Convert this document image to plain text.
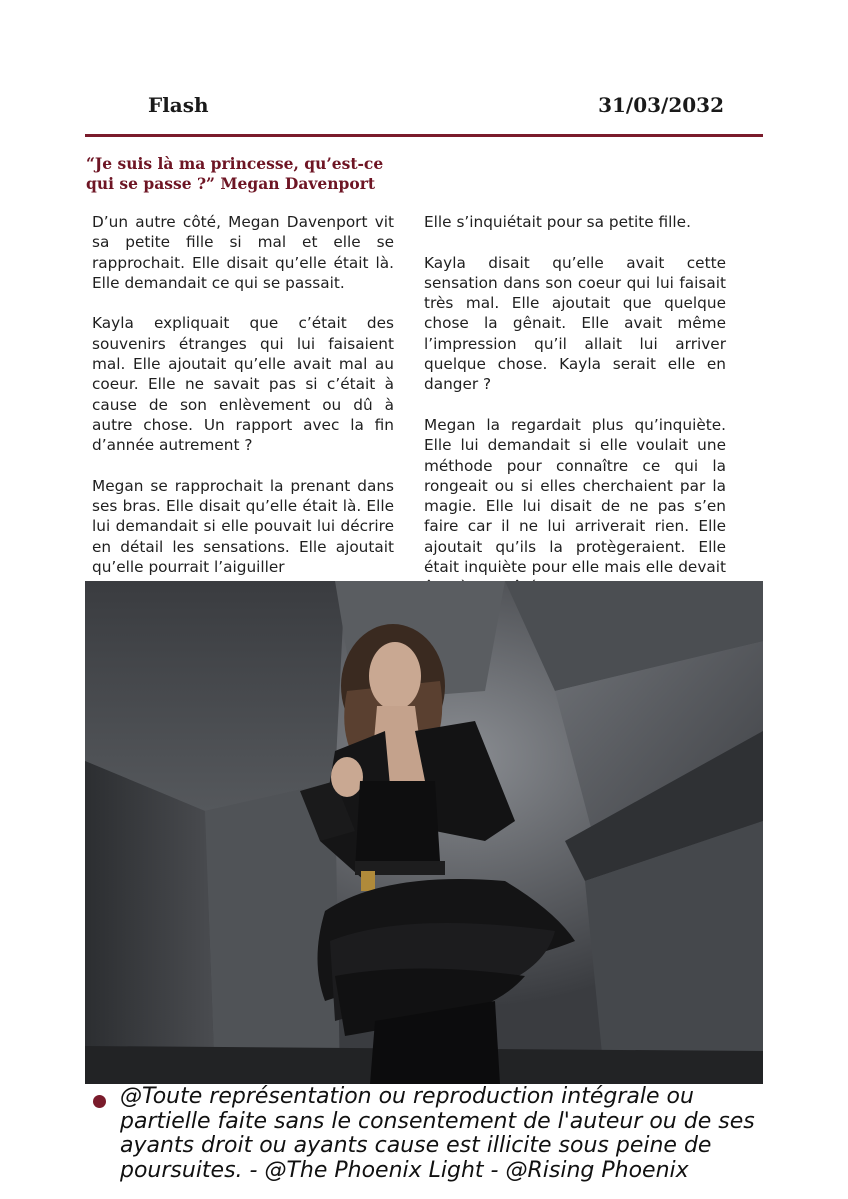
Flash	31/03/2032
“Je suis là ma princesse, qu’est-ce qui se passe ?” Megan Davenport

D’un autre côté, Megan Davenport vit sa petite fille si mal et elle se rapprochait. Elle disait qu’elle était là. Elle demandait ce qui se passait.

Kayla expliquait que c’était des souvenirs étranges qui lui faisaient mal. Elle ajoutait qu’elle avait mal au coeur. Elle ne savait pas si c’était à cause de son enlèvement ou dû à autre chose. Un rapport avec la fin d’année autrement ?

Megan se rapprochait la prenant dans ses bras. Elle disait qu’elle était là. Elle lui demandait si elle pouvait lui décrire en détail les sensations. Elle ajoutait qu’elle pourrait l’aiguiller

Elle s’inquiétait pour sa petite fille.

Kayla disait qu’elle avait cette sensation dans son coeur qui lui faisait très mal. Elle ajoutait que quelque chose la gênait. Elle avait même l’impression qu’il allait lui arriver quelque chose. Kayla serait elle en danger ?

Megan la regardait plus qu’inquiète. Elle lui demandait si elle voulait une méthode pour connaître ce qui la rongeait ou si elles cherchaient par la magie. Elle lui disait de ne pas s’en faire car il ne lui arriverait rien. Elle ajoutait qu’ils la protègeraient. Elle était inquiète pour elle mais elle devait

@Toute représentation ou reproduction intégrale ou partielle faite sans le consentement de l'auteur ou de ses ayants droit ou ayants cause est illicite sous peine de poursuites. - @The Phoenix Light - @Rising Phoenix
